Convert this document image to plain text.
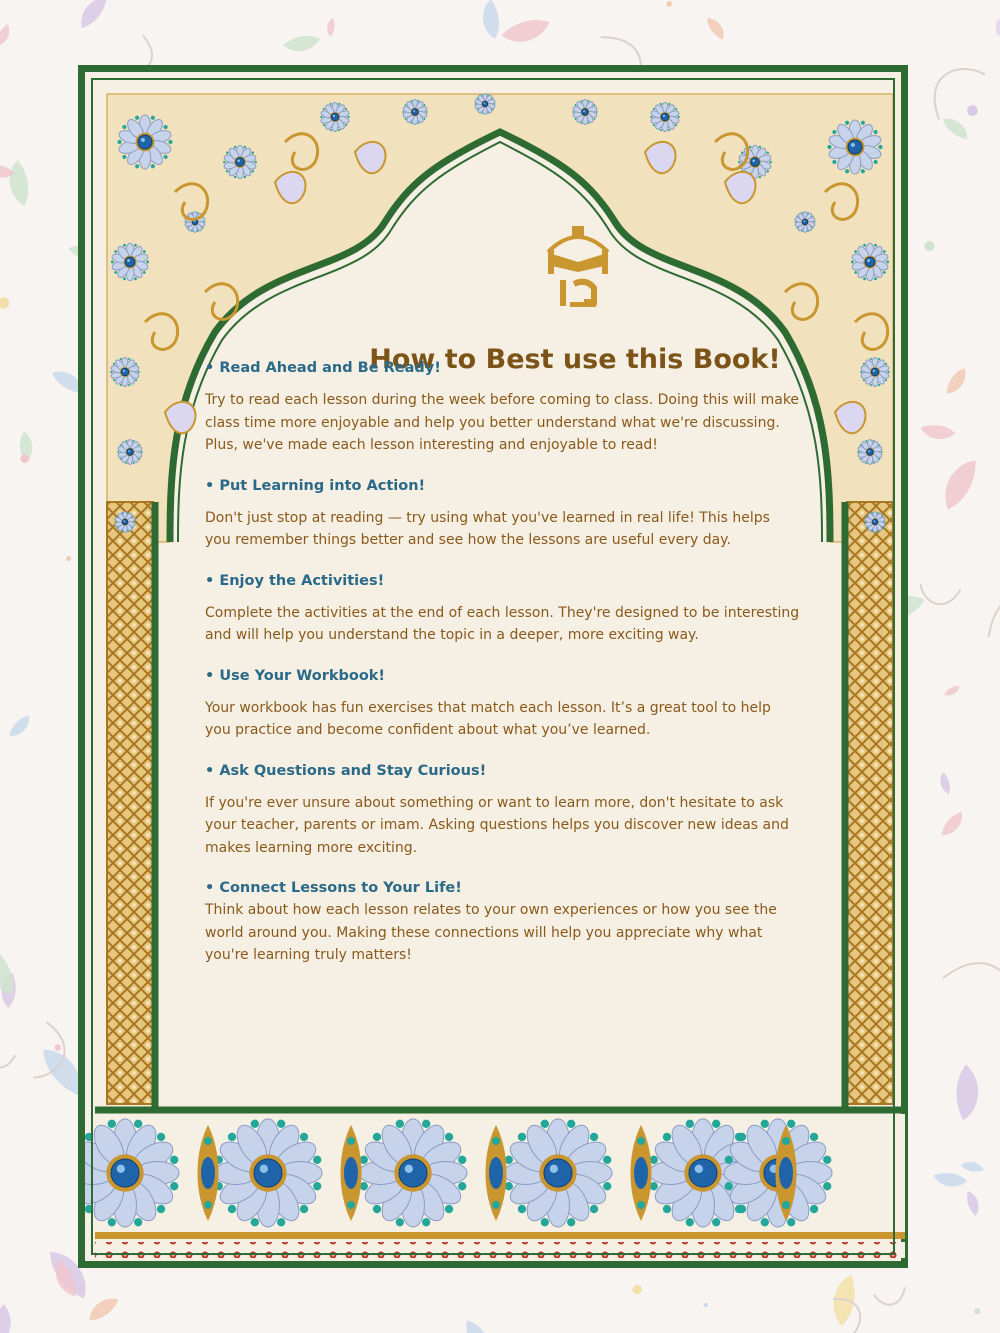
How to Best use this Book!

• Read Ahead and Be Ready!

Try to read each lesson during the week before coming to class. Doing this will make class time more enjoyable and help you better understand what we're discussing. Plus, we've made each lesson interesting and enjoyable to read!

• Put Learning into Action!

Don't just stop at reading — try using what you've learned in real life! This helps you remember things better and see how the lessons are useful every day.

• Enjoy the Activities!

Complete the activities at the end of each lesson. They're designed to be interesting and will help you understand the topic in a deeper, more exciting way.

• Use Your Workbook!

Your workbook has fun exercises that match each lesson. It’s a great tool to help you practice and become confident about what you’ve learned.

• Ask Questions and Stay Curious!

If you're ever unsure about something or want to learn more, don't hesitate to ask your teacher, parents or imam. Asking questions helps you discover new ideas and makes learning more exciting.

• Connect Lessons to Your Life!

Think about how each lesson relates to your own experiences or how you see the world around you. Making these connections will help you appreciate why what you're learning truly matters!
